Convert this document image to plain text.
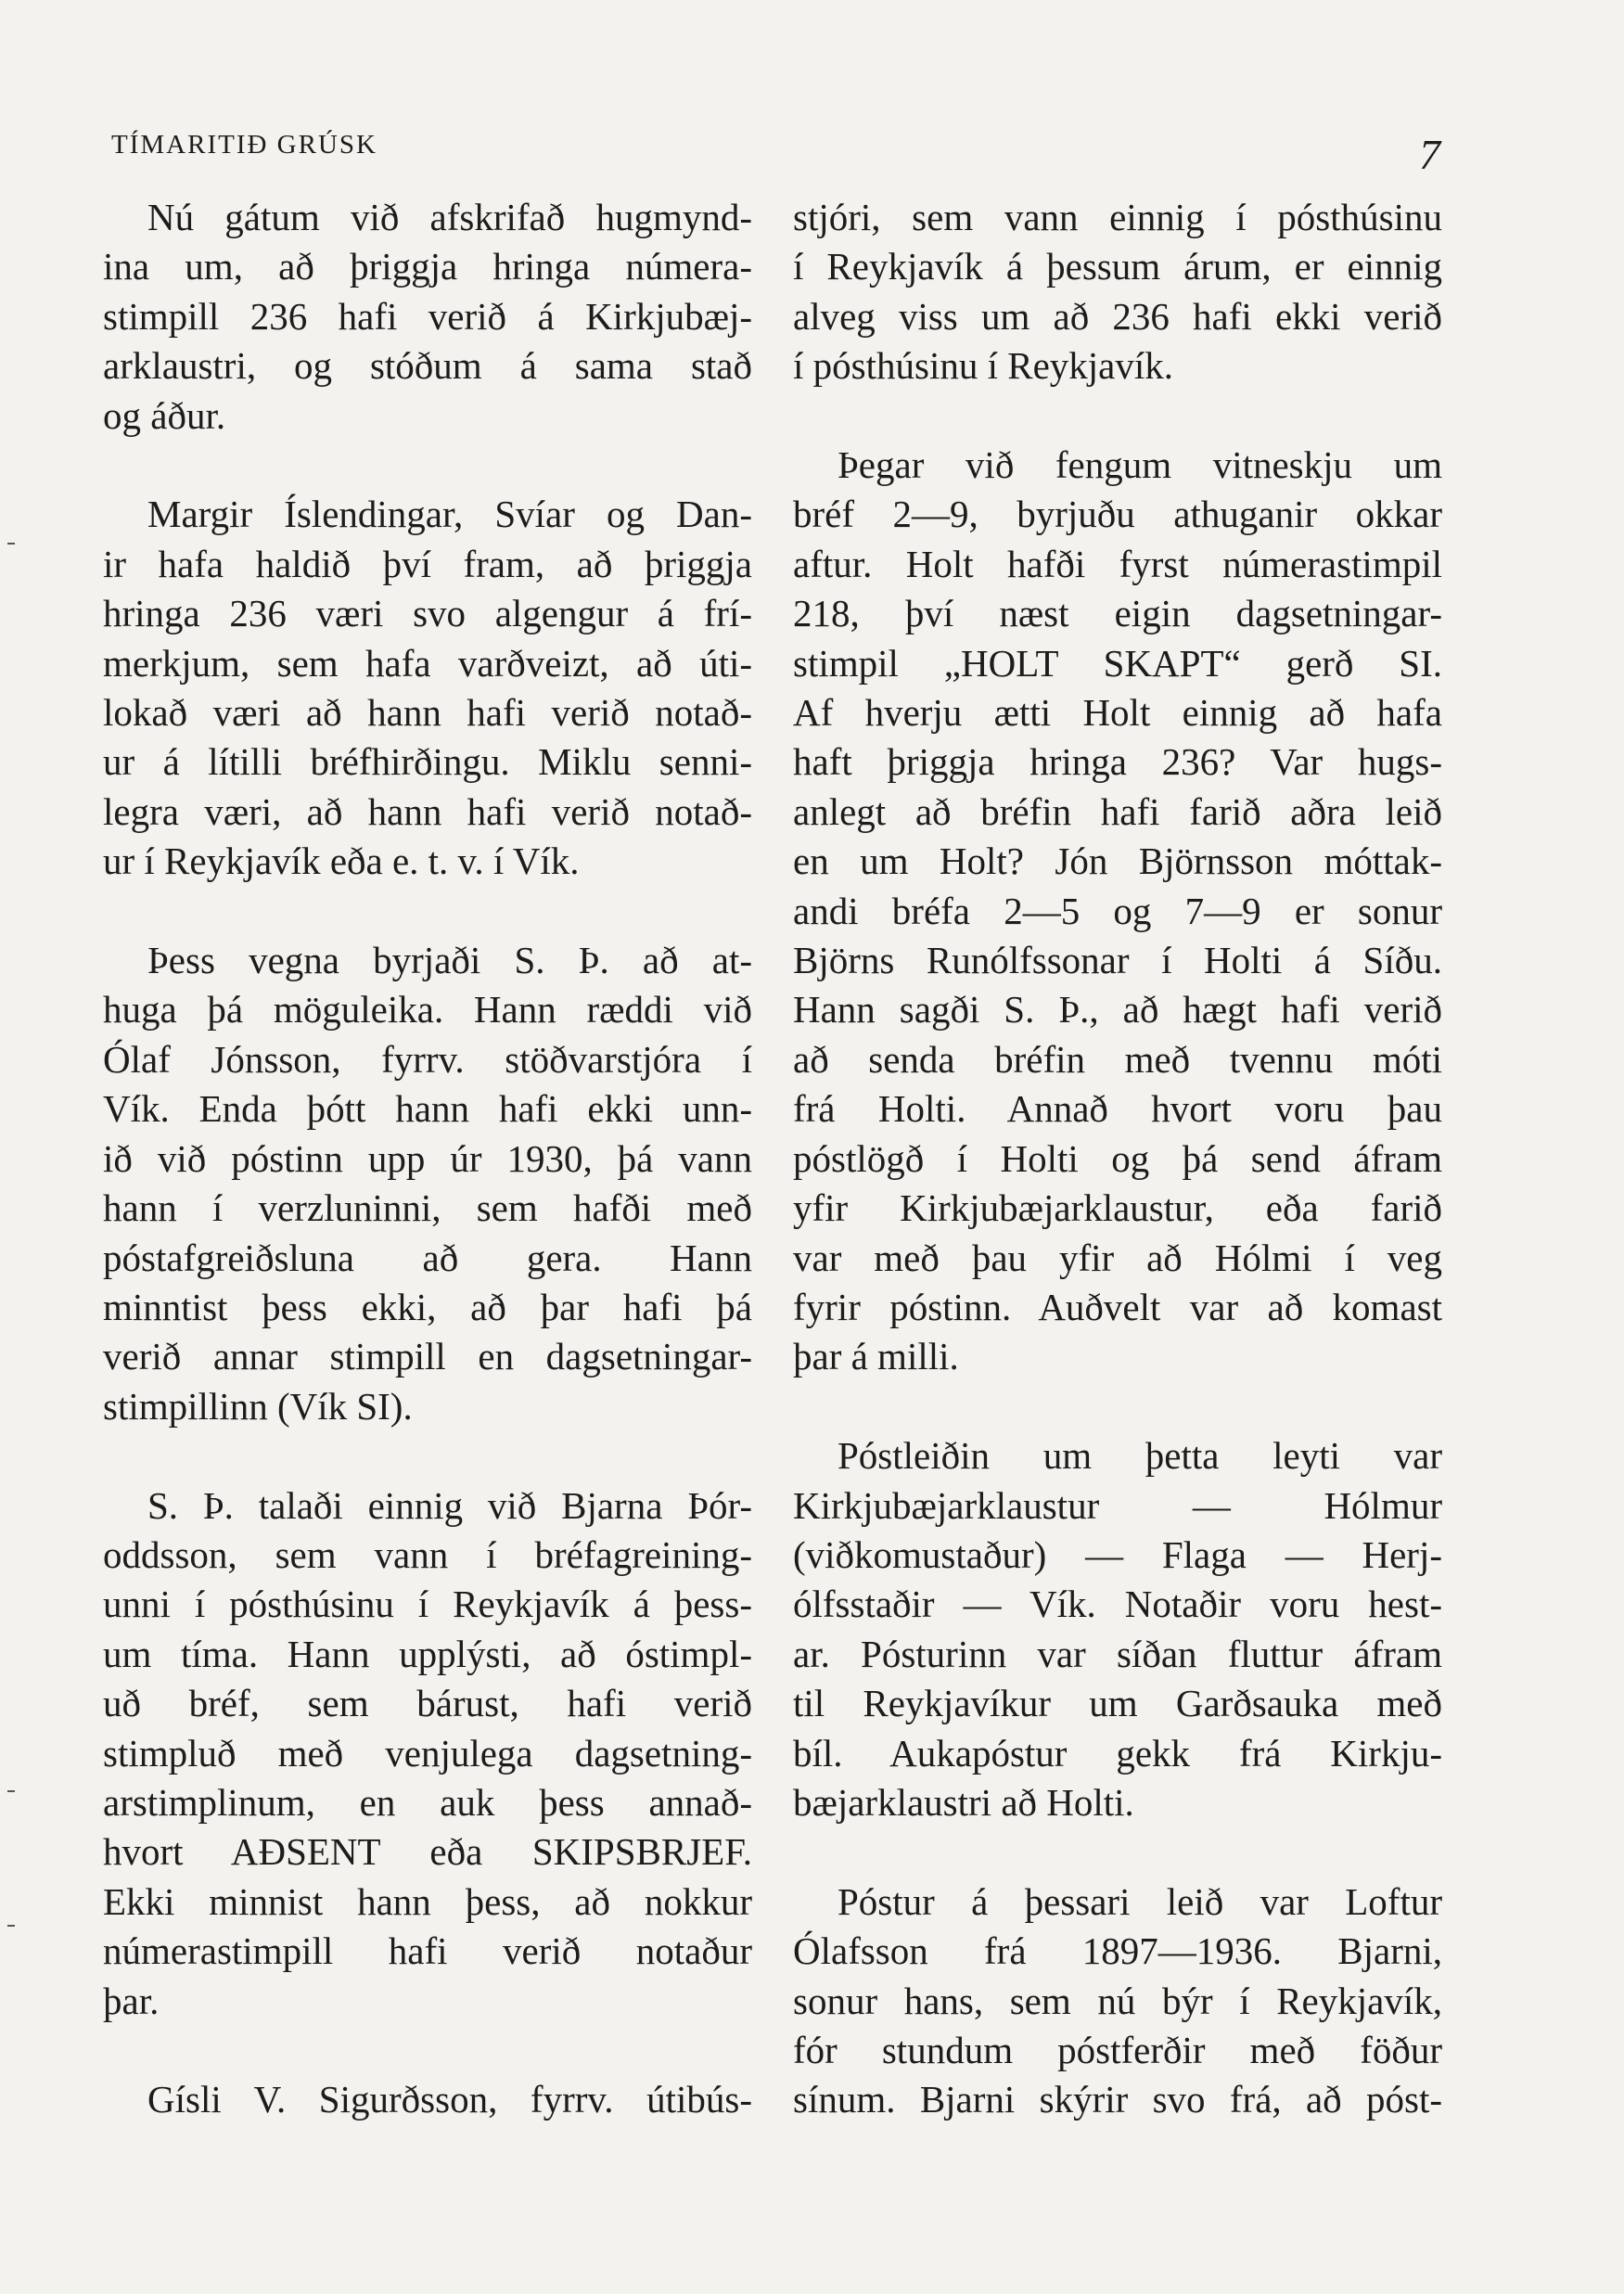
TÍMARITIÐ GRÚSK	7
Nú gátum við afskrifað hugmynd-
ina um, að þriggja hringa númera-
stimpill 236 hafi verið á Kirkjubæj-
arklaustri, og stóðum á sama stað
og áður.
Margir Íslendingar, Svíar og Dan-
ir hafa haldið því fram, að þriggja
hringa 236 væri svo algengur á frí-
merkjum, sem hafa varðveizt, að úti-
lokað væri að hann hafi verið notað-
ur á lítilli bréfhirðingu. Miklu senni-
legra væri, að hann hafi verið notað-
ur í Reykjavík eða e. t. v. í Vík.
Þess vegna byrjaði S. Þ. að at-
huga þá möguleika. Hann ræddi við
Ólaf Jónsson, fyrrv. stöðvarstjóra í
Vík. Enda þótt hann hafi ekki unn-
ið við póstinn upp úr 1930, þá vann
hann í verzluninni, sem hafði með
póstafgreiðsluna að gera. Hann
minntist þess ekki, að þar hafi þá
verið annar stimpill en dagsetningar-
stimpillinn (Vík SI).
S. Þ. talaði einnig við Bjarna Þór-
oddsson, sem vann í bréfagreining-
unni í pósthúsinu í Reykjavík á þess-
um tíma. Hann upplýsti, að óstimpl-
uð bréf, sem bárust, hafi verið
stimpluð með venjulega dagsetning-
arstimplinum, en auk þess annað-
hvort AÐSENT eða SKIPSBRJEF.
Ekki minnist hann þess, að nokkur
númerastimpill hafi verið notaður
þar.
Gísli V. Sigurðsson, fyrrv. útibús-
stjóri, sem vann einnig í pósthúsinu
í Reykjavík á þessum árum, er einnig
alveg viss um að 236 hafi ekki verið
í pósthúsinu í Reykjavík.
Þegar við fengum vitneskju um
bréf 2—9, byrjuðu athuganir okkar
aftur. Holt hafði fyrst númerastimpil
218, því næst eigin dagsetningar-
stimpil „HOLT SKAPT“ gerð SI.
Af hverju ætti Holt einnig að hafa
haft þriggja hringa 236? Var hugs-
anlegt að bréfin hafi farið aðra leið
en um Holt? Jón Björnsson móttak-
andi bréfa 2—5 og 7—9 er sonur
Björns Runólfssonar í Holti á Síðu.
Hann sagði S. Þ., að hægt hafi verið
að senda bréfin með tvennu móti
frá Holti. Annað hvort voru þau
póstlögð í Holti og þá send áfram
yfir Kirkjubæjarklaustur, eða farið
var með þau yfir að Hólmi í veg
fyrir póstinn. Auðvelt var að komast
þar á milli.
Póstleiðin um þetta leyti var
Kirkjubæjarklaustur — Hólmur
(viðkomustaður) — Flaga — Herj-
ólfsstaðir — Vík. Notaðir voru hest-
ar. Pósturinn var síðan fluttur áfram
til Reykjavíkur um Garðsauka með
bíl. Aukapóstur gekk frá Kirkju-
bæjarklaustri að Holti.
Póstur á þessari leið var Loftur
Ólafsson frá 1897—1936. Bjarni,
sonur hans, sem nú býr í Reykjavík,
fór stundum póstferðir með föður
sínum. Bjarni skýrir svo frá, að póst-
